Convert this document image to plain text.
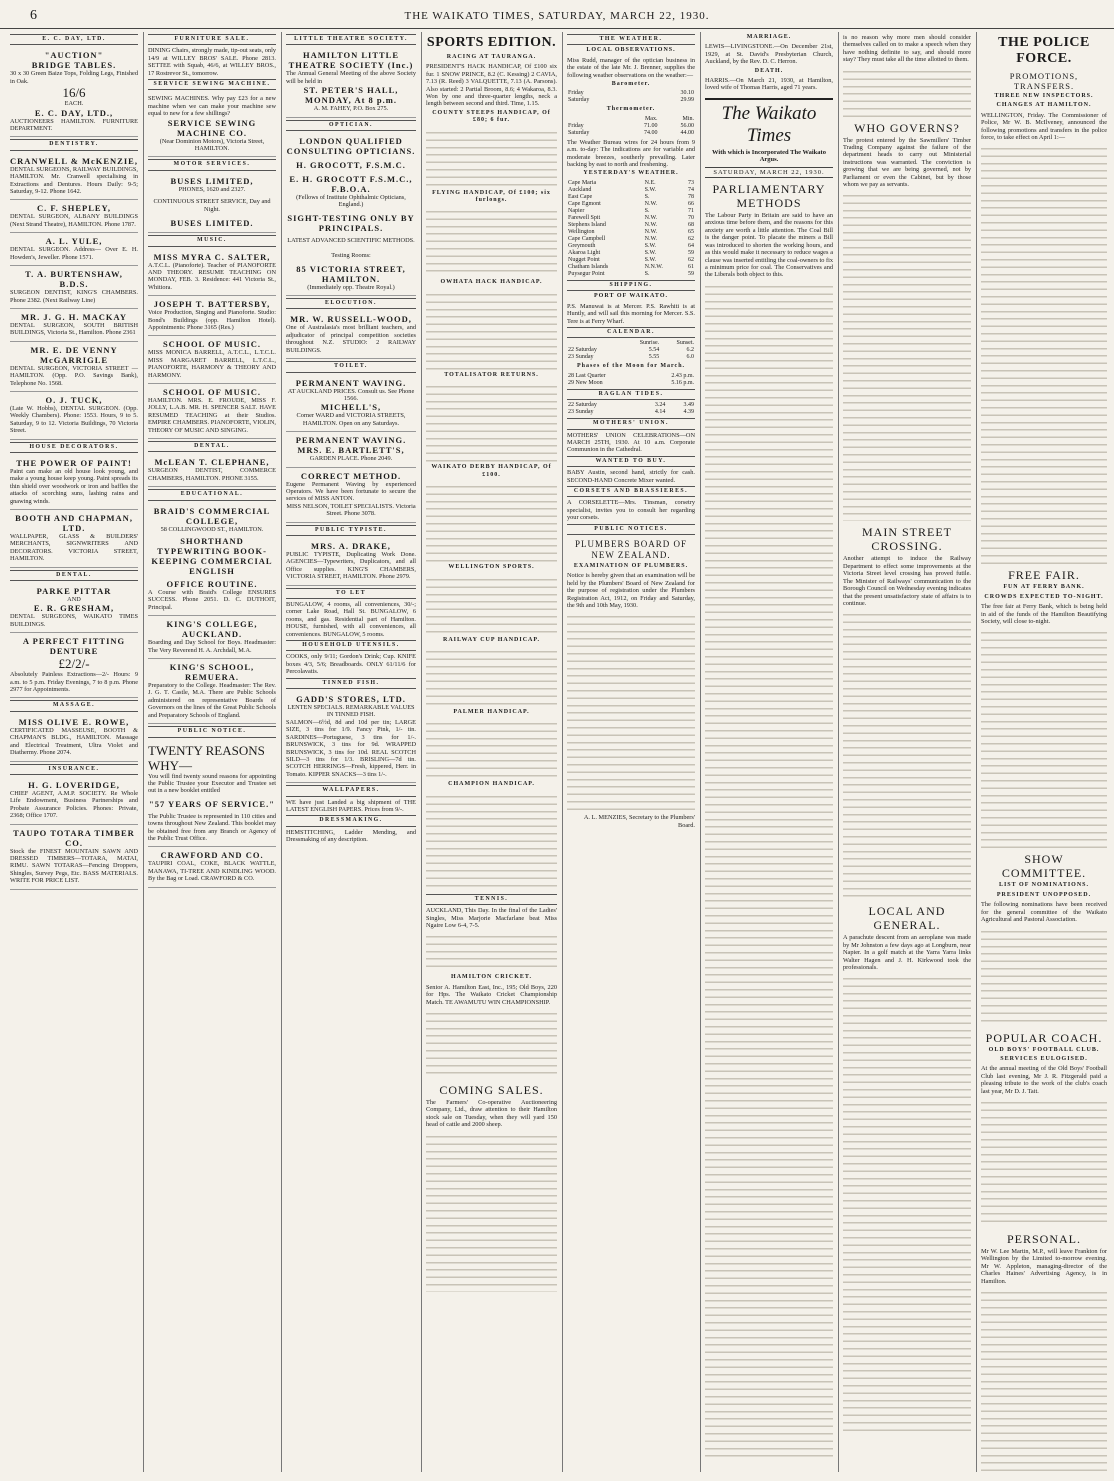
6	THE WAIKATO TIMES, SATURDAY, MARCH 22, 1930.
E. C. DAY, LTD.
"AUCTION"
BRIDGE TABLES.
30 x 30 Green Baize Tops, Folding Legs, Finished in Oak.
16/6
EACH.
E. C. DAY, LTD.,
AUCTIONEERS HAMILTON. FURNITURE DEPARTMENT.
DENTISTRY.
CRANWELL & McKENZIE,
DENTAL SURGEONS, RAILWAY BUILDINGS, HAMILTON. Mr. Cranwell specialising in Extractions and Dentures. Hours Daily: 9-5; Saturday, 9-12. Phone 1642.
C. F. SHEPLEY,
DENTAL SURGEON, ALBANY BUILDINGS (Next Strand Theatre), HAMILTON. Phone 1787.
A. L. YULE,
DENTAL SURGEON. Address— Over E. H. Howden's, Jeweller. Phone 1571.
T. A. BURTENSHAW, B.D.S.
SURGEON DENTIST, KING'S CHAMBERS. Phone 2382. (Next Railway Line)
MR. J. G. H. MACKAY
DENTAL SURGEON, SOUTH BRITISH BUILDINGS, Victoria St., Hamilton. Phone 2361
MR. E. DE VENNY McGARRIGLE
DENTAL SURGEON, VICTORIA STREET — HAMILTON. (Opp. P.O. Savings Bank), Telephone No. 1568.
O. J. TUCK,
(Late W. Hobbs), DENTAL SURGEON. (Opp. Weekly Chambers). Phone: 1553. Hours, 9 to 5. Saturday, 9 to 12. Victoria Buildings, 70 Victoria Street.
HOUSE DECORATORS.
THE POWER OF PAINT!
Paint can make an old house look young, and make a young house keep young. Paint spreads its thin shield over woodwork or iron and baffles the attacks of scorching suns, lashing rains and gnawing winds.
BOOTH AND CHAPMAN, LTD.
WALLPAPER, GLASS & BUILDERS' MERCHANTS, SIGNWRITERS AND DECORATORS. VICTORIA STREET, HAMILTON.
DENTAL.
PARKE PITTAR
AND
E. R. GRESHAM,
DENTAL SURGEONS, WAIKATO TIMES BUILDINGS.
A PERFECT FITTING DENTURE
£2/2/-
Absolutely Painless Extractions—2/- Hours: 9 a.m. to 5 p.m. Friday Evenings, 7 to 8 p.m. Phone 2977 for Appointments.
MASSAGE.
MISS OLIVE E. ROWE,
CERTIFICATED MASSEUSE, BOOTH & CHAPMAN'S BLDG., HAMILTON. Massage and Electrical Treatment, Ultra Violet and Diathermy. Phone 2074.
INSURANCE.
H. G. LOVERIDGE,
CHIEF AGENT, A.M.P. SOCIETY. Re Whole Life Endowment, Business Partnerships and Probate Assurance Policies. Phones: Private, 2368; Office 1707.
TAUPO TOTARA TIMBER CO.
Stock the FINEST MOUNTAIN SAWN AND DRESSED TIMBERS—TOTARA, MATAI, RIMU. SAWN TOTARAS—Fencing Droppers, Shingles, Survey Pegs, Etc. BASS MATERIALS. WRITE FOR PRICE LIST.
FURNITURE SALE.
DINING Chairs, strongly made, tip-out seats, only 14/9 at WILLEY BROS' SALE. Phone 2813. SETTEE with Squab, 46/6, at WILLEY BROS., 17 Rostrevor St., tomorrow.
SERVICE SEWING MACHINE.
SEWING MACHINES. Why pay £23 for a new machine when we can make your machine sew equal to new for a few shillings?
SERVICE SEWING MACHINE CO.
(Near Dominion Motors), Victoria Street, HAMILTON.
MOTOR SERVICES.
BUSES LIMITED,
PHONES, 1620 and 2327.
CONTINUOUS STREET SERVICE, Day and Night.
BUSES LIMITED.
MUSIC.
MISS MYRA C. SALTER,
A.T.C.L. (Pianoforte). Teacher of PIANOFORTE AND THEORY. RESUME TEACHING ON MONDAY, FEB. 3. Residence: 441 Victoria St., Whitiora.
JOSEPH T. BATTERSBY,
Voice Production, Singing and Pianoforte. Studio: Bond's Buildings (opp. Hamilton Hotel). Appointments: Phone 3165 (Res.)
SCHOOL OF MUSIC.
MISS MONICA BARRELL, A.T.C.L., L.T.C.L. MISS MARGARET BARRELL, L.T.C.L., PIANOFORTE, HARMONY & THEORY AND HARMONY.
SCHOOL OF MUSIC.
HAMILTON. MRS. E. FROUDE, MISS F. JOLLY, L.A.B. MR. H. SPENCER SALT. HAVE RESUMED TEACHING at their Studios. EMPIRE CHAMBERS. PIANOFORTE, VIOLIN, THEORY OF MUSIC AND SINGING.
DENTAL.
McLEAN T. CLEPHANE,
SURGEON DENTIST, COMMERCE CHAMBERS, HAMILTON. PHONE 3155.
EDUCATIONAL.
BRAID'S COMMERCIAL COLLEGE,
58 COLLINGWOOD ST., HAMILTON.
SHORTHAND TYPEWRITING BOOK-KEEPING COMMERCIAL ENGLISH
OFFICE ROUTINE.
A Course with Braid's College ENSURES SUCCESS. Phone 2051. D. C. DUTHOIT, Principal.
KING'S COLLEGE, AUCKLAND.
Boarding and Day School for Boys. Headmaster: The Very Reverend H. A. Archdall, M.A.
KING'S SCHOOL, REMUERA.
Preparatory to the College. Headmaster: The Rev. J. G. T. Castle, M.A. There are Public Schools administered on representative Boards of Governors on the lines of the Great Public Schools and Preparatory Schools of England.
PUBLIC NOTICE.
TWENTY REASONS WHY—
You will find twenty sound reasons for appointing the Public Trustee your Executor and Trustee set out in a new booklet entitled
"57 YEARS OF SERVICE."
The Public Trustee is represented in 110 cities and towns throughout New Zealand. This booklet may be obtained free from any Branch or Agency of the Public Trust Office.
CRAWFORD AND CO.
TAUPIRI COAL, COKE, BLACK WATTLE, MANAWA, TI-TREE AND KINDLING WOOD. By the Bag or Load. CRAWFORD & CO.
LITTLE THEATRE SOCIETY.
HAMILTON LITTLE THEATRE SOCIETY (Inc.)
The Annual General Meeting of the above Society will be held in
ST. PETER'S HALL, MONDAY, At 8 p.m.
A. M. FAHEY, P.O. Box 275.
OPTICIAN.
LONDON QUALIFIED CONSULTING OPTICIANS.
H. GROCOTT, F.S.M.C.
E. H. GROCOTT F.S.M.C., F.B.O.A.
(Fellows of Institute Ophthalmic Opticians, England.)
SIGHT-TESTING ONLY BY PRINCIPALS.
LATEST ADVANCED SCIENTIFIC METHODS.
Testing Rooms:
85 VICTORIA STREET, HAMILTON.
(Immediately opp. Theatre Royal.)
ELOCUTION.
MR. W. RUSSELL-WOOD,
One of Australasia's most brilliant teachers, and adjudicator of principal competition societies throughout N.Z. STUDIO: 2 RAILWAY BUILDINGS.
TOILET.
PERMANENT WAVING.
AT AUCKLAND PRICES. Consult us. See Phone 1566.
MICHELL'S,
Corner WARD and VICTORIA STREETS, HAMILTON. Open on any Saturdays.
PERMANENT WAVING.
MRS. E. BARTLETT'S,
GARDEN PLACE. Phone 2049.
CORRECT METHOD.
Eugene Permanent Waving by experienced Operators. We have been fortunate to secure the services of MISS ANTON.
MISS NELSON, TOILET SPECIALISTS. Victoria Street. Phone 3078.
PUBLIC TYPISTE.
MRS. A. DRAKE,
PUBLIC TYPISTE, Duplicating Work Done. AGENCIES—Typewriters, Duplicators, and all Office supplies. KING'S CHAMBERS, VICTORIA STREET, HAMILTON. Phone 2979.
TO LET
BUNGALOW, 4 rooms, all conveniences, 30/-; corner Lake Road, Hall St. BUNGALOW, 6 rooms, and gas. Residential part of Hamilton. HOUSE, furnished, with all conveniences, all conveniences. BUNGALOW, 5 rooms.
HOUSEHOLD UTENSILS.
COOKS, only 9/11; Gordon's Drink; Cup. KNIFE boxes 4/3, 5/6; Breadboards. ONLY 61/11/6 for Percolavatis.
TINNED FISH.
GADD'S STORES, LTD.
LENTEN SPECIALS. REMARKABLE VALUES IN TINNED FISH.
SALMON—6½d, 8d and 10d per tin; LARGE SIZE, 3 tins for 1/9. Fancy Pink, 1/- tin. SARDINES—Portuguese, 3 tins for 1/-. BRUNSWICK, 3 tins for 9d. WRAPPED BRUNSWICK, 3 tins for 10d. REAL SCOTCH SILD—3 tins for 1/3. BRISLING—7d tin. SCOTCH HERRINGS—Fresh, kippered, Herr. in Tomato. KIPPER SNACKS—3 tins 1/-.
WALLPAPERS.
WE have just Landed a big shipment of THE LATEST ENGLISH PAPERS. Prices from 9/-.
DRESSMAKING.
HEMSTITCHING, Ladder Mending, and Dressmaking of any description.
SPORTS EDITION.
RACING AT TAURANGA.
PRESIDENT'S HACK HANDICAP, Of £100 six fur. 1 SNOW PRINCE, 8.2 (C. Kessing) 2 CAVIA, 7.13 (R. Reed) 3 VALQUETTE, 7.13 (A. Parsons). Also started: 2 Partial Broom, 8.6; 4 Wakaroa, 8.3. Won by one and three-quarter lengths, neck a length between second and third. Time, 1.15.
COUNTY STEEPS HANDICAP, Of £80; 6 fur.
FLYING HANDICAP, Of £100; six furlongs.
OWHATA HACK HANDICAP.
TOTALISATOR RETURNS.
WAIKATO DERBY HANDICAP, Of £100.
WELLINGTON SPORTS.
RAILWAY CUP HANDICAP.
PALMER HANDICAP.
CHAMPION HANDICAP.
TENNIS.
AUCKLAND, This Day. In the final of the Ladies' Singles, Miss Marjorie Macfarlane beat Miss Ngaire Low 6-4, 7-5.
HAMILTON CRICKET.
Senior A. Hamilton East, Inc., 195; Old Boys, 220 for Hps. The Waikato Cricket Championship Match. TE AWAMUTU WIN CHAMPIONSHIP.
COMING SALES.
The Farmers' Co-operative Auctioneering Company, Ltd., draw attention to their Hamilton stock sale on Tuesday, when they will yard 150 head of cattle and 2000 sheep.
THE WEATHER.
LOCAL OBSERVATIONS.
Miss Rudd, manager of the optician business in the estate of the late Mr. J. Brenner, supplies the following weather observations on the weather:—
Barometer.
Friday	30.10
Saturday	29.99
Thermometer.
	Max.	Min.
Friday	71.00	56.00
Saturday	74.00	44.00
The Weather Bureau wires for 24 hours from 9 a.m. to-day: The indications are for variable and moderate breezes, southerly prevailing. Later backing by east to north and freshening.
YESTERDAY'S WEATHER.
Cape Maria	N.E.	73
Auckland	S.W.	74
East Cape	S.	78
Cape Egmont	N.W.	66
Napier	S.	71
Farewell Spit	N.W.	70
Stephens Island	N.W.	68
Wellington	N.W.	65
Cape Campbell	N.W.	62
Greymouth	S.W.	64
Akaroa Light	S.W.	59
Nugget Point	S.W.	62
Chatham Islands	N.N.W.	61
Puysegur Point	S.	59
SHIPPING.
PORT OF WAIKATO.
P.S. Manuwai is at Mercer. P.S. Rawhiti is at Huntly, and will sail this morning for Mercer. S.S. Tere is at Ferry Wharf.
CALENDAR.
	Sunrise.	Sunset.
22 Saturday	5.54	6.2
23 Sunday	5.55	6.0
Phases of the Moon for March.
28 Last Quarter	2.43 p.m.
29 New Moon	5.16 p.m.
RAGLAN TIDES.
22 Saturday	3.24	3.49
23 Sunday	4.14	4.39
MOTHERS' UNION.
MOTHERS' UNION CELEBRATIONS—ON MARCH 25TH, 1930. At 10 a.m. Corporate Communion in the Cathedral.
WANTED TO BUY.
BABY Austin, second hand, strictly for cash. SECOND-HAND Concrete Mixer wanted.
CORSETS AND BRASSIERES.
A CORSELETTE—Mrs. Tinsman, corsetry specialist, invites you to consult her regarding your corsets.
PUBLIC NOTICES.
PLUMBERS BOARD OF NEW ZEALAND.
EXAMINATION OF PLUMBERS.
Notice is hereby given that an examination will be held by the Plumbers' Board of New Zealand for the purpose of registration under the Plumbers Registration Act, 1912, on Friday and Saturday, the 9th and 10th May, 1930.
A. L. MENZIES, Secretary to the Plumbers' Board.
MARRIAGE.
LEWIS—LIVINGSTONE.—On December 21st, 1929, at St. David's Presbyterian Church, Auckland, by the Rev. D. C. Herron.
DEATH.
HARRIS.—On March 21, 1930, at Hamilton, loved wife of Thomas Harris, aged 71 years.
The Waikato Times
With which is Incorporated The Waikato Argus.
SATURDAY, MARCH 22, 1930.
PARLIAMENTARY METHODS
The Labour Party in Britain are said to have an anxious time before them, and the reasons for this anxiety are worth a little attention. The Coal Bill is the danger point. To placate the miners a Bill was introduced to shorten the working hours, and as this would make it necessary to reduce wages a clause was inserted entitling the coal-owners to fix a minimum price for coal. The Conservatives and the Liberals both object to this.
is no reason why more men should consider themselves called on to make a speech when they have nothing definite to say, and should more stay? They must take all the time allotted to them.
WHO GOVERNS?
The protest entered by the Sawmillers' Timber Trading Company against the failure of the department heads to carry out Ministerial instructions was warranted. The conviction is growing that we are being governed, not by Parliament or even the Cabinet, but by those whom we pay as servants.
MAIN STREET CROSSING.
Another attempt to induce the Railway Department to effect some improvements at the Victoria Street level crossing has proved futile. The Minister of Railways' communication to the Borough Council on Wednesday evening indicates that the present unsatisfactory state of affairs is to continue.
LOCAL AND GENERAL.
A parachute descent from an aeroplane was made by Mr Johnston a few days ago at Longburn, near Napier. In a golf match at the Yarra Yarra links Walter Hagen and J. H. Kirkwood took the professionals.
THE POLICE FORCE.
PROMOTIONS, TRANSFERS.
THREE NEW INSPECTORS.
CHANGES AT HAMILTON.
WELLINGTON, Friday. The Commissioner of Police, Mr W. B. McIlveney, announced the following promotions and transfers in the police force, to take effect on April 1:—
FREE FAIR.
FUN AT FERRY BANK.
CROWDS EXPECTED TO-NIGHT.
The free fair at Ferry Bank, which is being held in aid of the funds of the Hamilton Beautifying Society, will close to-night.
SHOW COMMITTEE.
LIST OF NOMINATIONS.
PRESIDENT UNOPPOSED.
The following nominations have been received for the general committee of the Waikato Agricultural and Pastoral Association.
POPULAR COACH.
OLD BOYS' FOOTBALL CLUB.
SERVICES EULOGISED.
At the annual meeting of the Old Boys' Football Club last evening, Mr J. R. Fitzgerald paid a pleasing tribute to the work of the club's coach last year, Mr D. J. Tait.
PERSONAL.
Mr W. Lee Martin, M.P., will leave Frankton for Wellington by the Limited to-morrow evening. Mr W. Appleton, managing-director of the Charles Haines' Advertising Agency, is in Hamilton.
